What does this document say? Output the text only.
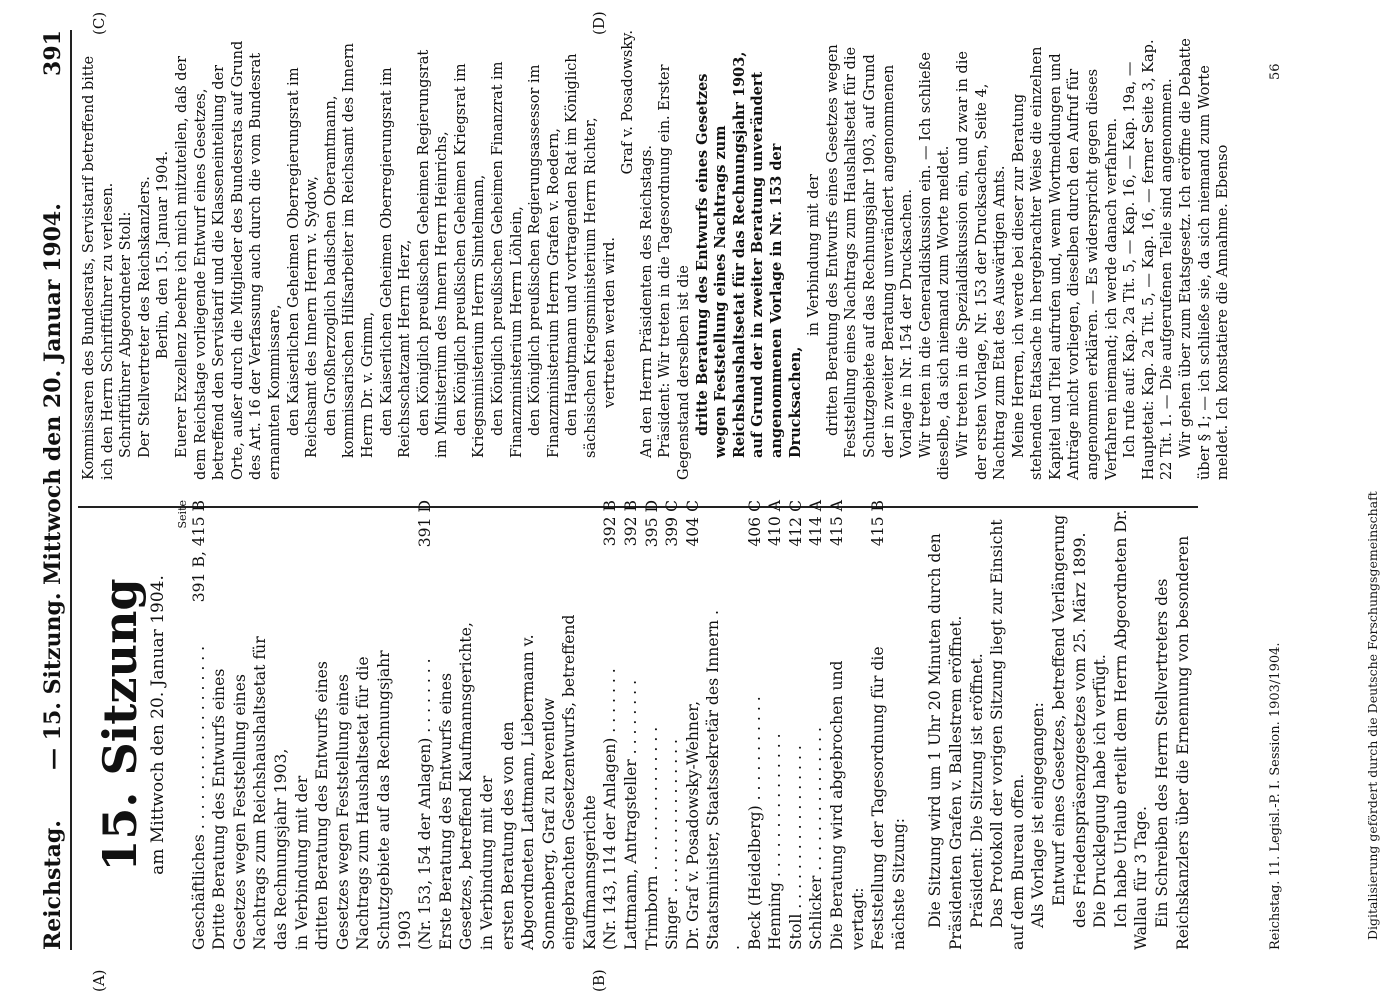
Reichstag.
— 15. Sitzung. Mittwoch den 20. Januar 1904.
391
(A)	(B)
(C)	(D)
15. Sitzung am Mittwoch den 20. Januar 1904.
Seite
Geschäftliches . . . . . . . . . . . . . . . . . . .	391 B, 415 B
Dritte Beratung des Entwurfs eines Gesetzes wegen Feststellung eines Nachtrags zum Reichshaushaltsetat für das Rechnungsjahr 1903,	
in Verbindung mit der	
dritten Beratung des Entwurfs eines Gesetzes wegen Feststellung eines Nachtrags zum Haushaltsetat für die Schutzgebiete auf das Rechnungsjahr 1903	
(Nr. 153, 154 der Anlagen) . . . . . . . .	391 D
Erste Beratung des Entwurfs eines Gesetzes, betreffend Kaufmannsgerichte,	
in Verbindung mit der	
ersten Beratung des von den Abgeordneten Lattmann, Liebermann v. Sonnenberg, Graf zu Reventlow eingebrachten Gesetzentwurfs, betreffend Kaufmannsgerichte	
(Nr. 143, 114 der Anlagen) . . . . . . .	392 B
Lattmann, Antragsteller . . . . . . . .	392 B
Trimborn . . . . . . . . . . . . . . .	395 D
Singer . . . . . . . . . . . . . . . .	399 C
Dr. Graf v. Posadowsky-Wehner, Staatsminister, Staatssekretär des Innern . .	404 C
Beck (Heidelberg) . . . . . . . . . . .	406 C
Henning . . . . . . . . . . . . . . .	410 A
Stoll . . . . . . . . . . . . . . . . .	412 C
Schlicker . . . . . . . . . . . . . . .	414 A
Die Beratung wird abgebrochen und vertagt:	415 A
Feststellung der Tagesordnung für die nächste Sitzung:	415 B

Die Sitzung wird um 1 Uhr 20 Minuten durch den Präsidenten Grafen v. Ballestrem eröffnet. Präsident: Die Sitzung ist eröffnet. Das Protokoll der vorigen Sitzung liegt zur Einsicht auf dem Bureau offen. Als Vorlage ist eingegangen: Entwurf eines Gesetzes, betreffend Verlängerung des Friedenspräsenzgesetzes vom 25. März 1899. Die Druckleguug habe ich verfügt. Ich habe Urlaub erteilt dem Herrn Abgeordneten Dr. Wallau für 3 Tage. Ein Schreiben des Herrn Stellvertreters des Reichskanzlers über die Ernennung von besonderen

Kommissaren des Bundesrats, Servistarif betreffend bitte ich den Herrn Schriftführer zu verlesen. Schriftführer Abgeordneter Stoll: Der Stellvertreter des Reichskanzlers. Berlin, den 15. Januar 1904. Euerer Exzellenz beehre ich mich mitzuteilen, daß der dem Reichstage vorliegende Entwurf eines Gesetzes, betreffend den Servistarif und die Klasseneinteilung der Orte, außer durch die Mitglieder des Bundesrats auf Grund des Art. 16 der Verfassung auch durch die vom Bundesrat ernannten Kommissare, den Kaiserlichen Geheimen Oberregierungsrat im Reichsamt des Innern Herrn v. Sydow, den Großherzoglich badischen Oberamtmann, kommissarischen Hilfsarbeiter im Reichsamt des Innern Herrn Dr. v. Grimm, den Kaiserlichen Geheimen Oberregierungsrat im Reichsschatzamt Herrn Herz, den Königlich preußischen Geheimen Regierungsrat im Ministerium des Innern Herrn Heinrichs, den Königlich preußischen Geheimen Kriegsrat im Kriegsministerium Herrn Simtelmann, den Königlich preußischen Geheimen Finanzrat im Finanzministerium Herrn Löhlein, den Königlich preußischen Regierungsassessor im Finanzministerium Herrn Grafen v. Roedern, den Hauptmann und vortragenden Rat im Königlich sächsischen Kriegsministerium Herrn Richter, vertreten werden wird.

Graf v. Posadowsky.

An den Herrn Präsidenten des Reichstags. Präsident: Wir treten in die Tagesordnung ein. Erster Gegenstand derselben ist die dritte Beratung des Entwurfs eines Gesetzes wegen Feststellung eines Nachtrags zum Reichshaushaltsetat für das Rechnungsjahr 1903, auf Grund der in zweiter Beratung unverändert angenommenen Vorlage in Nr. 153 der Drucksachen,

in Verbindung mit der dritten Beratung des Entwurfs eines Gesetzes wegen Feststellung eines Nachtrags zum Haushaltsetat für die Schutzgebiete auf das Rechnungsjahr 1903, auf Grund der in zweiter Beratung unverändert angenommenen Vorlage in Nr. 154 der Drucksachen. Wir treten in die Generaldiskussion ein. — Ich schließe dieselbe, da sich niemand zum Worte meldet. Wir treten in die Spezialdiskussion ein, und zwar in die der ersten Vorlage, Nr. 153 der Drucksachen, Seite 4, Nachtrag zum Etat des Auswärtigen Amts. Meine Herren, ich werde bei dieser zur Beratung stehenden Etatsache in hergebrachter Weise die einzelnen Kapitel und Titel aufrufen und, wenn Wortmeldungen und Anträge nicht vorliegen, dieselben durch den Aufruf für angenommen erklären. — Es widerspricht gegen dieses Verfahren niemand; ich werde danach verfahren. Ich rufe auf: Kap. 2a Tit. 5, — Kap. 16, — Kap. 19a, — Hauptetat: Kap. 2a Tit. 5, — Kap. 16, — ferner Seite 3, Kap. 22 Tit. 1. — Die aufgerufenen Teile sind angenommen. Wir gehen über zum Etatsgesetz. Ich eröffne die Debatte über § 1; — ich schließe sie, da sich niemand zum Worte meldet. Ich konstatiere die Annahme. Ebenso

Reichstag. 11. Legisl.-P. I. Session. 1903/1904.
56
Digitalisierung gefördert durch die Deutsche Forschungsgemeinschaft
